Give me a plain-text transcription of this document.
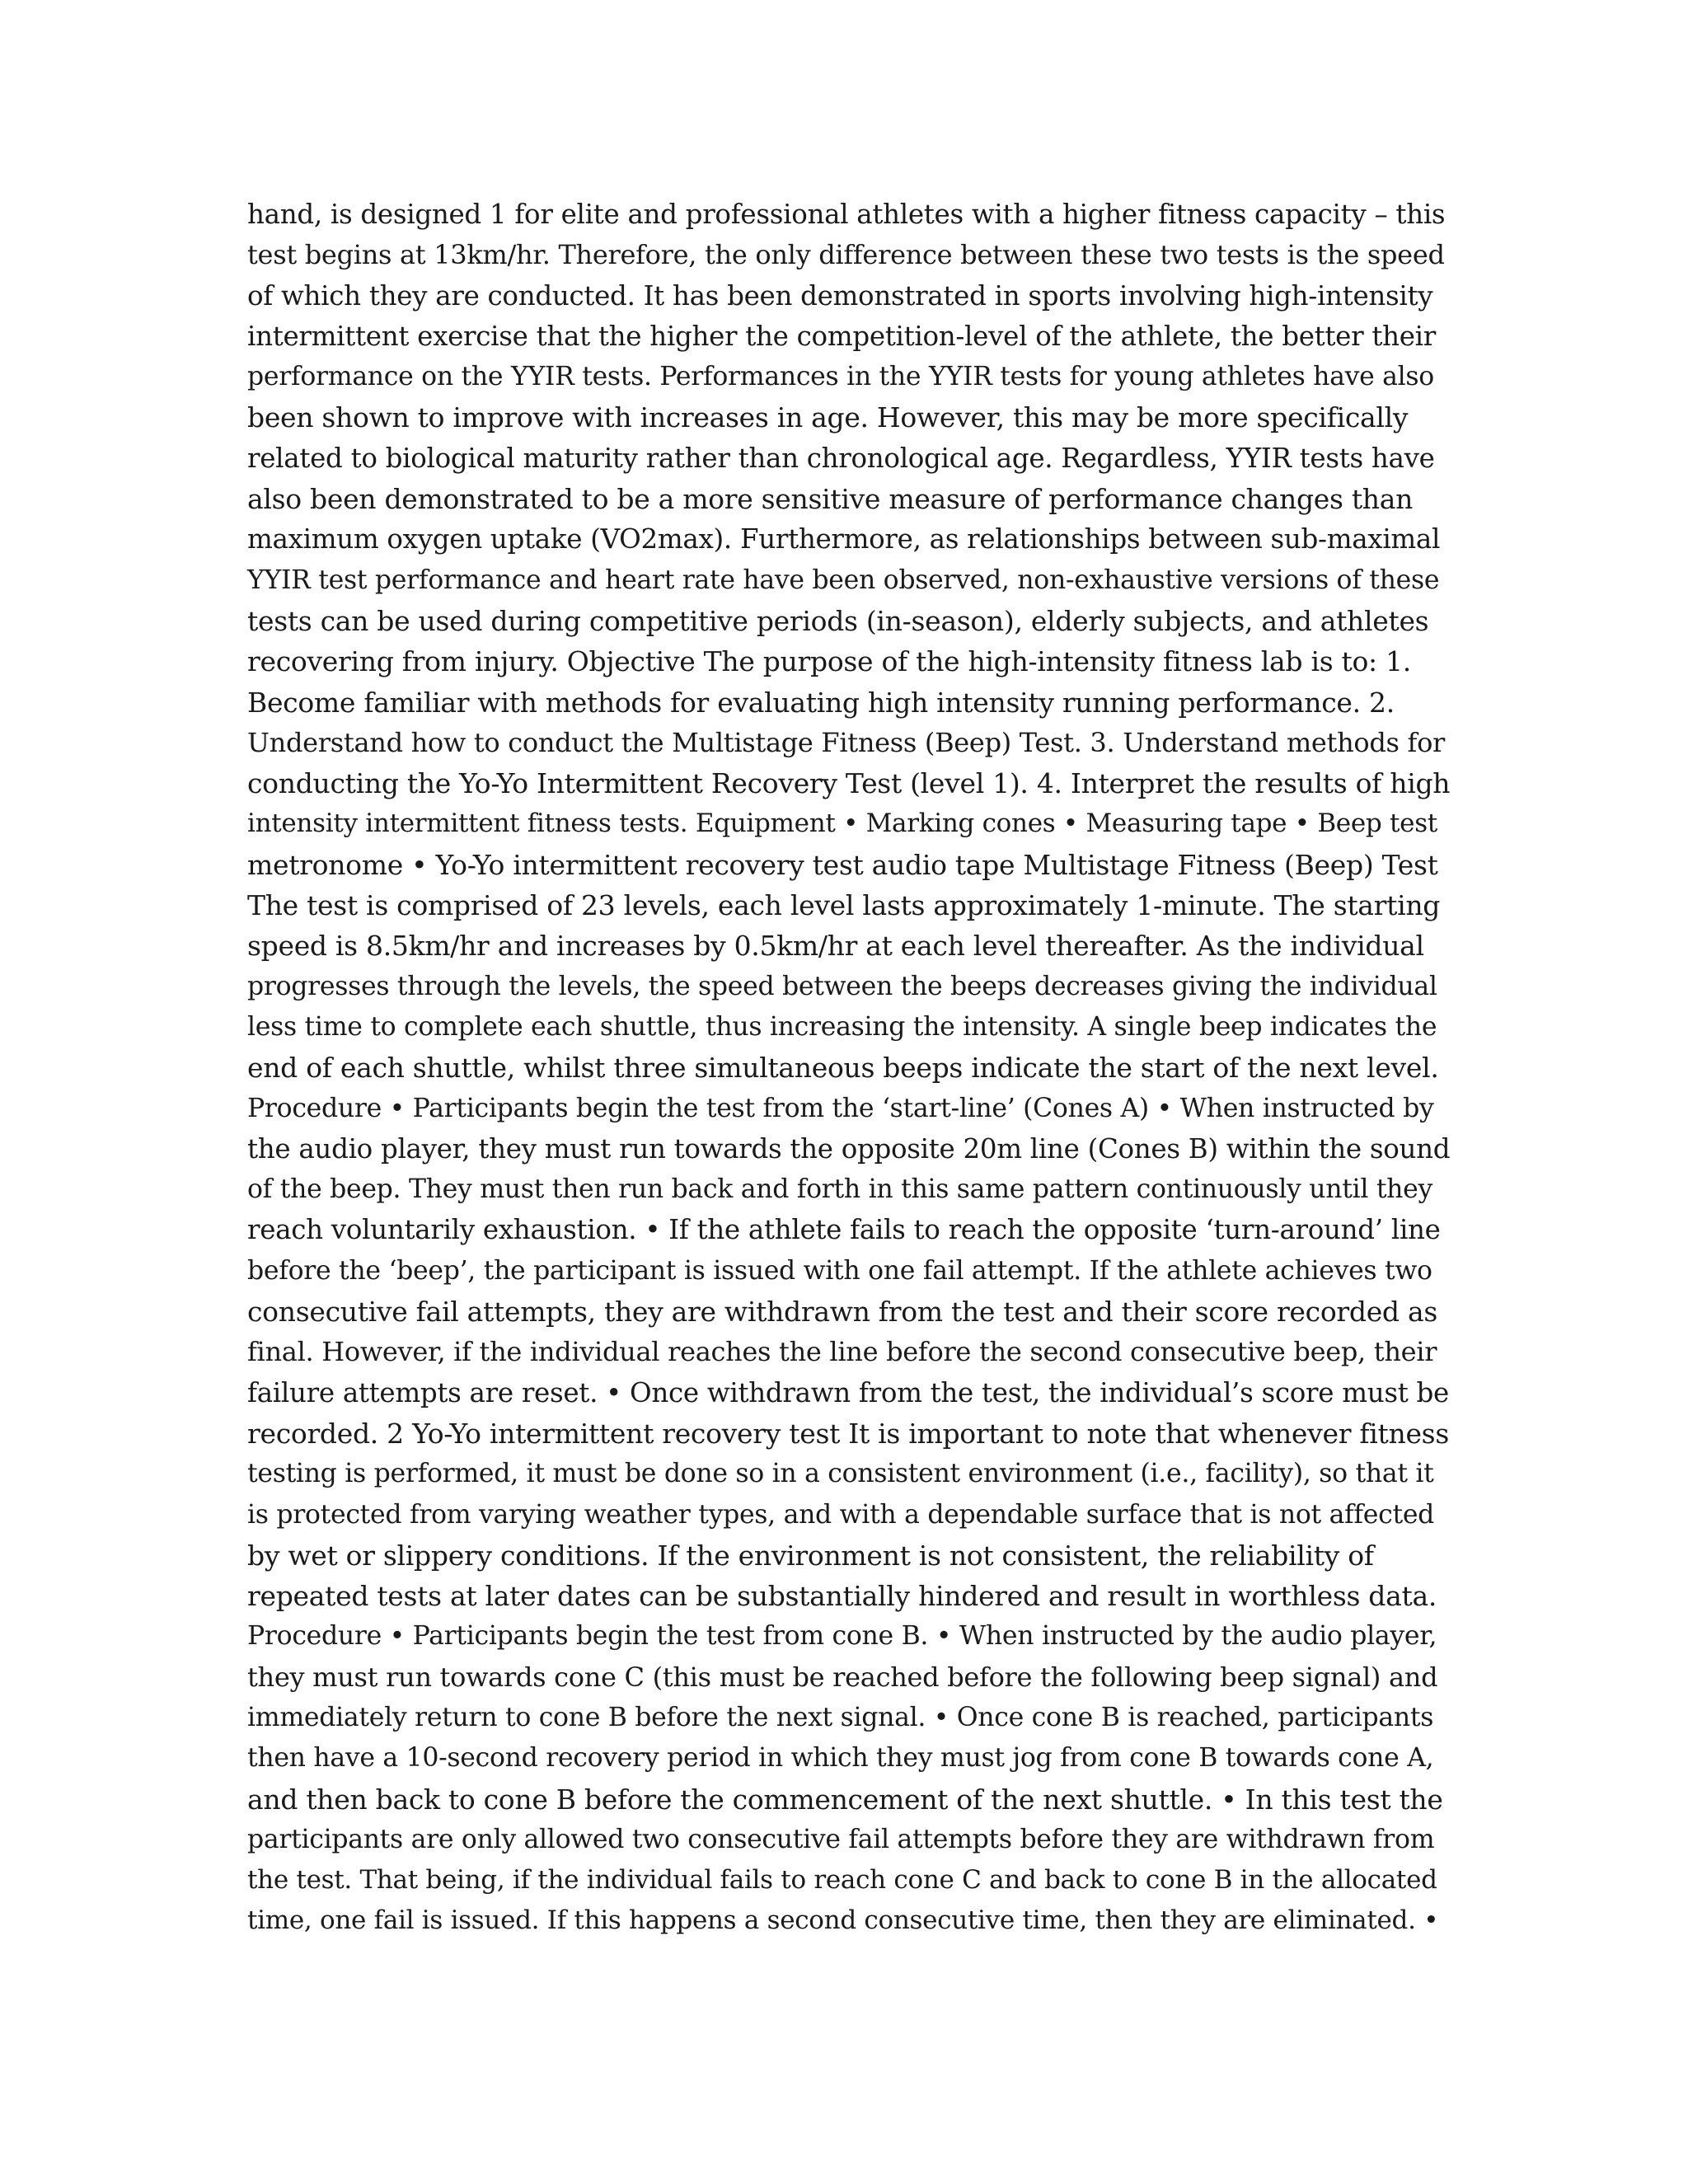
hand, is designed 1 for elite and professional athletes with a higher fitness capacity – this
test begins at 13km/hr. Therefore, the only difference between these two tests is the speed
of which they are conducted. It has been demonstrated in sports involving high-intensity
intermittent exercise that the higher the competition-level of the athlete, the better their
performance on the YYIR tests. Performances in the YYIR tests for young athletes have also
been shown to improve with increases in age. However, this may be more specifically
related to biological maturity rather than chronological age. Regardless, YYIR tests have
also been demonstrated to be a more sensitive measure of performance changes than
maximum oxygen uptake (VO2max). Furthermore, as relationships between sub-maximal
YYIR test performance and heart rate have been observed, non-exhaustive versions of these
tests can be used during competitive periods (in-season), elderly subjects, and athletes
recovering from injury. Objective The purpose of the high-intensity fitness lab is to: 1.
Become familiar with methods for evaluating high intensity running performance. 2.
Understand how to conduct the Multistage Fitness (Beep) Test. 3. Understand methods for
conducting the Yo-Yo Intermittent Recovery Test (level 1). 4. Interpret the results of high
intensity intermittent fitness tests. Equipment • Marking cones • Measuring tape • Beep test
metronome • Yo-Yo intermittent recovery test audio tape Multistage Fitness (Beep) Test
The test is comprised of 23 levels, each level lasts approximately 1-minute. The starting
speed is 8.5km/hr and increases by 0.5km/hr at each level thereafter. As the individual
progresses through the levels, the speed between the beeps decreases giving the individual
less time to complete each shuttle, thus increasing the intensity. A single beep indicates the
end of each shuttle, whilst three simultaneous beeps indicate the start of the next level.
Procedure • Participants begin the test from the ‘start-line’ (Cones A) • When instructed by
the audio player, they must run towards the opposite 20m line (Cones B) within the sound
of the beep. They must then run back and forth in this same pattern continuously until they
reach voluntarily exhaustion. • If the athlete fails to reach the opposite ‘turn-around’ line
before the ‘beep’, the participant is issued with one fail attempt. If the athlete achieves two
consecutive fail attempts, they are withdrawn from the test and their score recorded as
final. However, if the individual reaches the line before the second consecutive beep, their
failure attempts are reset. • Once withdrawn from the test, the individual’s score must be
recorded. 2 Yo-Yo intermittent recovery test It is important to note that whenever fitness
testing is performed, it must be done so in a consistent environment (i.e., facility), so that it
is protected from varying weather types, and with a dependable surface that is not affected
by wet or slippery conditions. If the environment is not consistent, the reliability of
repeated tests at later dates can be substantially hindered and result in worthless data.
Procedure • Participants begin the test from cone B. • When instructed by the audio player,
they must run towards cone C (this must be reached before the following beep signal) and
immediately return to cone B before the next signal. • Once cone B is reached, participants
then have a 10-second recovery period in which they must jog from cone B towards cone A,
and then back to cone B before the commencement of the next shuttle. • In this test the
participants are only allowed two consecutive fail attempts before they are withdrawn from
the test. That being, if the individual fails to reach cone C and back to cone B in the allocated
time, one fail is issued. If this happens a second consecutive time, then they are eliminated. •
